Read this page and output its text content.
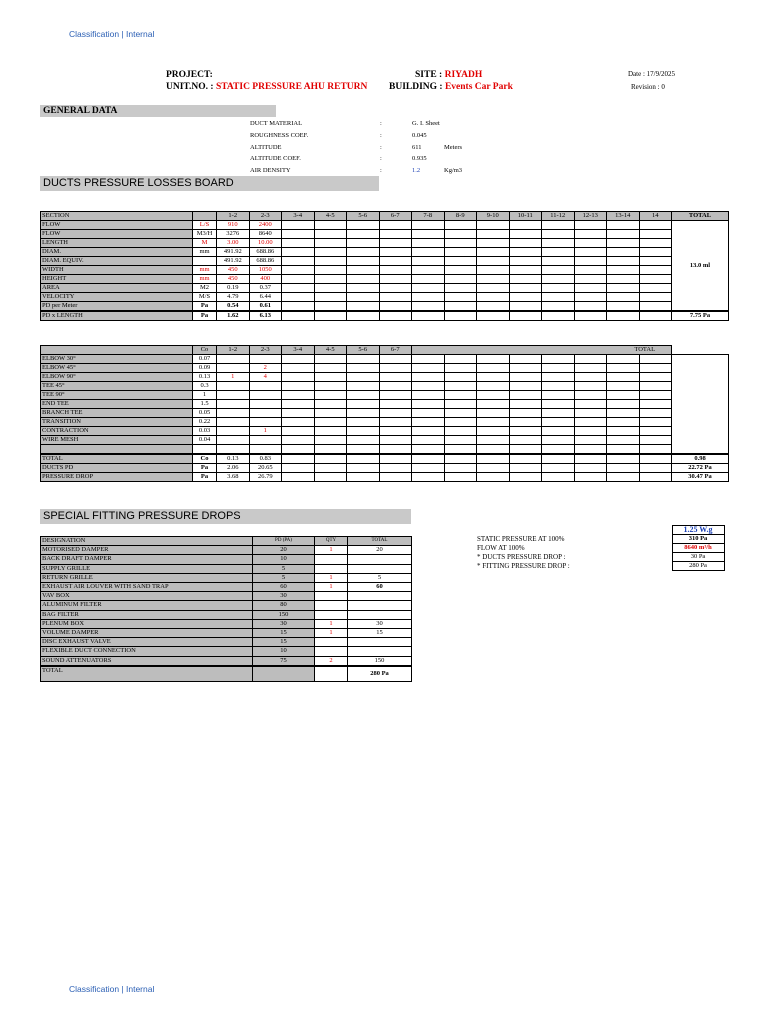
Classification | Internal
PROJECT:
UNIT.NO. : STATIC PRESSURE AHU RETURN
SITE : RIYADH
BUILDING : Events Car Park
Date : 17/9/2025
Revision : 0
GENERAL DATA
DUCT MATERIAL	:	G. I. Sheet
ROUGHNESS COEF.	:	0.045
ALTITUDE	:	611	Meters
ALTITUDE COEF.	:	0.935
AIR DENSITY	:	1.2	Kg/m3
DUCTS PRESSURE LOSSES BOARD
SECTION		1-2	2-3	3-4	4-5	5-6	6-7	7-8	8-9	9-10	10-11	11-12	12-13	13-14	14	TOTAL
FLOW	L/S	910	2400													13.0 ml
FLOW	M3/H	3276	8640													
LENGTH	M	3.00	10.00													
DIAM.	mm	491.92	688.86													
DIAM. EQUIV.		491.92	688.86													
WIDTH	mm	450	1050													
HEIGHT	mm	450	400													
AREA	M2	0.19	0.37													
VELOCITY	M/S	4.79	6.44													
PD per Meter	Pa	0.54	0.61													
PD x LENGTH	Pa	1.62	6.13													7.75 Pa
	Co	1-2	2-3	3-4	4-5	5-6	6-7	TOTAL								
ELBOW 30°	0.07															
ELBOW 45°	0.09		2													
ELBOW 90°	0.13	1	4													
TEE 45°	0.3															
TEE 90°	1															
END TEE	1.5															
BRANCH TEE	0.05															
TRANSITION	0.22															
CONTRACTION	0.03		1													
WIRE MESH	0.04															

TOTAL	Co	0.13	0.83													0.98
DUCTS PD	Pa	2.06	20.65													22.72 Pa
PRESSURE DROP	Pa	3.68	26.79													30.47 Pa
SPECIAL FITTING PRESSURE DROPS
DESIGNATION	PD (PA)	QTY	TOTAL
MOTORISED DAMPER	20	1	20
BACK DRAFT DAMPER	10		
SUPPLY GRILLE	5		
RETURN GRILLE	5	1	5
EXHAUST AIR LOUVER WITH SAND TRAP	60	1	60
VAV BOX	30		
ALUMINUM FILTER	80		
BAG FILTER	150		
PLENUM BOX	30	1	30
VOLUME DAMPER	15	1	15
DISC EXHAUST VALVE	15		
FLEXIBLE DUCT CONNECTION	10		
SOUND ATTENUATORS	75	2	150
TOTAL			280 Pa
	1.25 W.g
STATIC PRESSURE AT 100%	310 Pa
FLOW AT 100%	8640 m³/h
* DUCTS PRESSURE DROP :	30 Pa
* FITTING PRESSURE DROP :	280 Pa
Classification | Internal
